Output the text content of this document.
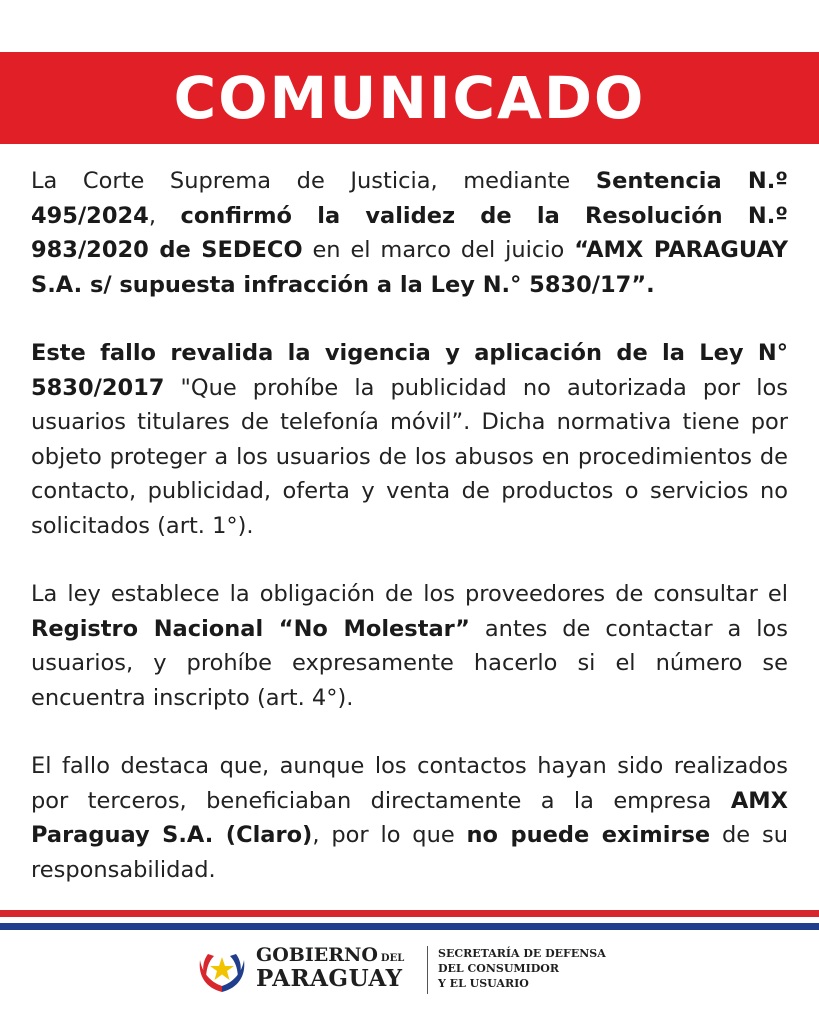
COMUNICADO

La Corte Suprema de Justicia, mediante Sentencia N.º 495/2024, confirmó la validez de la Resolución N.º 983/2020 de SEDECO en el marco del juicio “AMX PARAGUAY S.A. s/ supuesta infracción a la Ley N.° 5830/17”.

Este fallo revalida la vigencia y aplicación de la Ley N° 5830/2017 "Que prohíbe la publicidad no autorizada por los usuarios titulares de telefonía móvil”. Dicha normativa tiene por objeto proteger a los usuarios de los abusos en procedimientos de contacto, publicidad, oferta y venta de productos o servicios no solicitados (art. 1°).

La ley establece la obligación de los proveedores de consultar el Registro Nacional “No Molestar” antes de contactar a los usuarios, y prohíbe expresamente hacerlo si el número se encuentra inscripto (art. 4°).

El fallo destaca que, aunque los contactos hayan sido realizados por terceros, beneficiaban directamente a la empresa AMX Paraguay S.A. (Claro), por lo que no puede eximirse de su responsabilidad.

GOBIERNO DEL
PARAGUAY
SECRETARÍA DE DEFENSA
DEL CONSUMIDOR
Y EL USUARIO
